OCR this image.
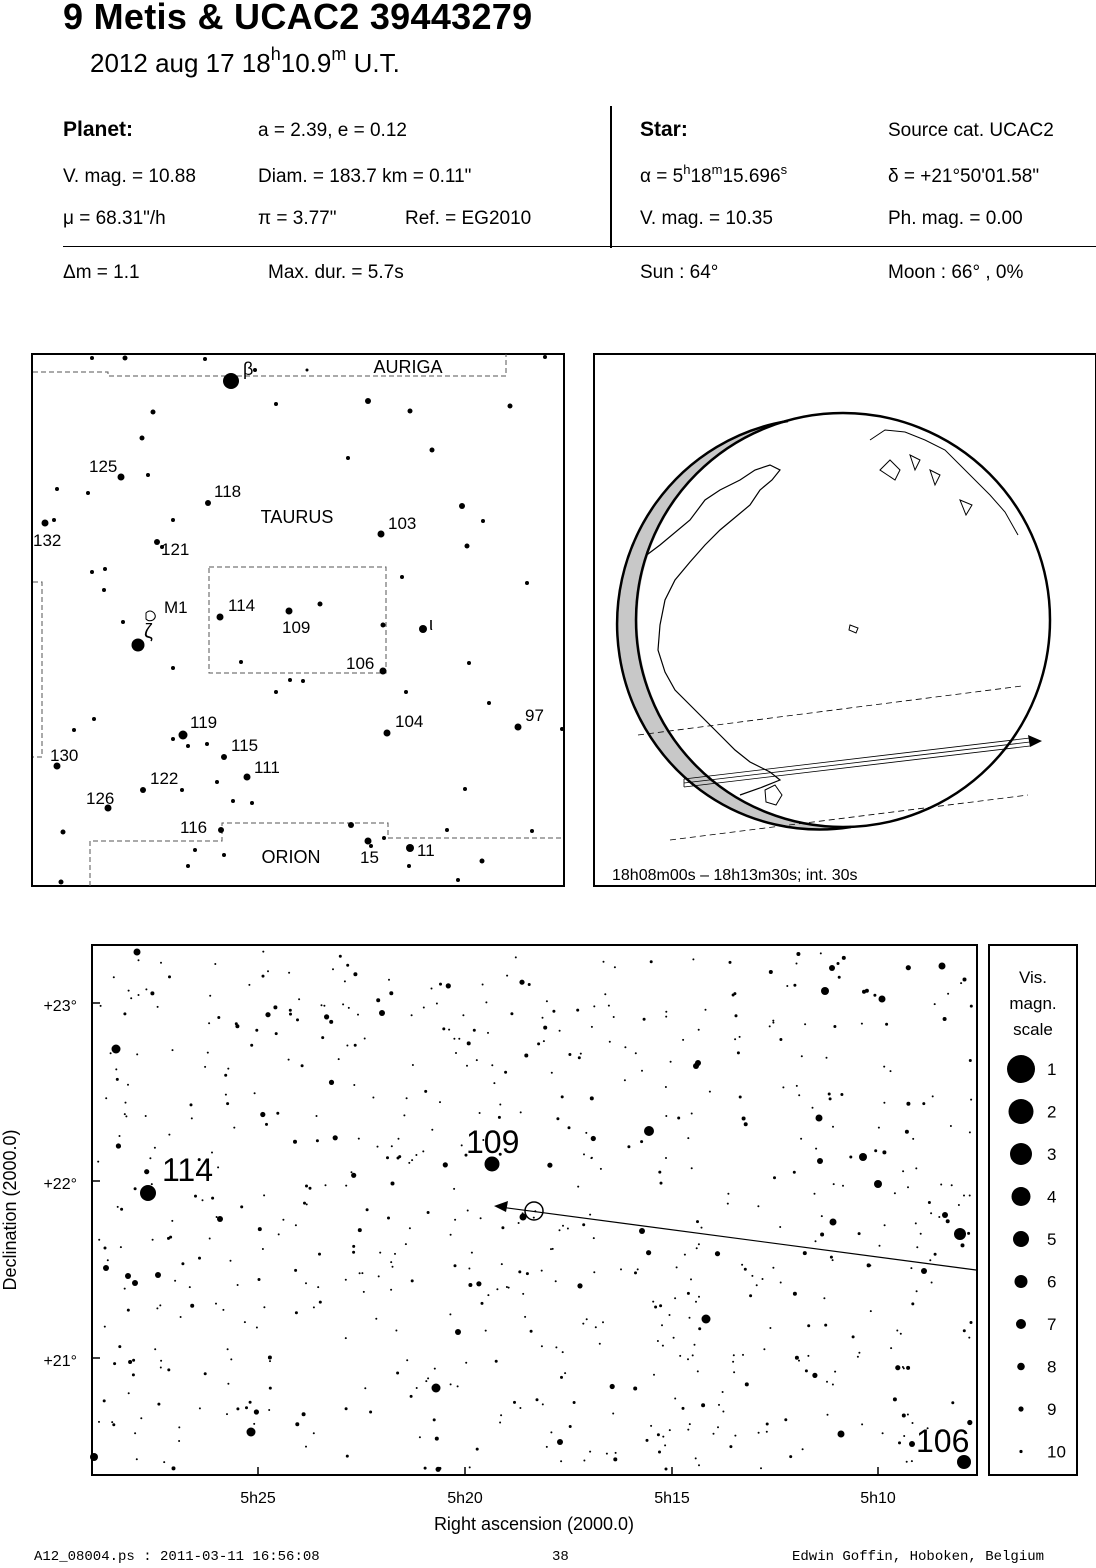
9 Metis & UCAC2 39443279
2012 aug 17 18$^h$10.9$^m$ U.T.
Planet:	a = 2.39, e = 0.12
V. mag. = 10.88	Diam. = 183.7 km = 0.11"
μ = 68.31"/h	π = 3.77"	Ref. = EG2010
Star:	Source cat. UCAC2
$\alpha = 5^h18^m15.696^s$	δ = +21°50'01.58"
V. mag. = 10.35	Ph. mag. = 0.00
Δm = 1.1	Max. dur. = 5.7s	Sun : 64°	Moon : 66° , 0%
AURIGA
TAURUS
ORION
β
125
118
132	121
103
M1 114
109
ζ	ι
106
119
115
104	97
130
111
122
126
116
15 11
18h08m00s – 18h13m30s; int. 30s
114
109
106
+23°
+22°
+21°
5h25	5h20	5h15	5h10
Right ascension (2000.0)
Declination (2000.0)
Vis.
magn.
scale
1
2
3
4
5
6
7
8
9
10
A12_08004.ps : 2011-03-11 16:56:08	38	Edwin Goffin, Hoboken, Belgium
